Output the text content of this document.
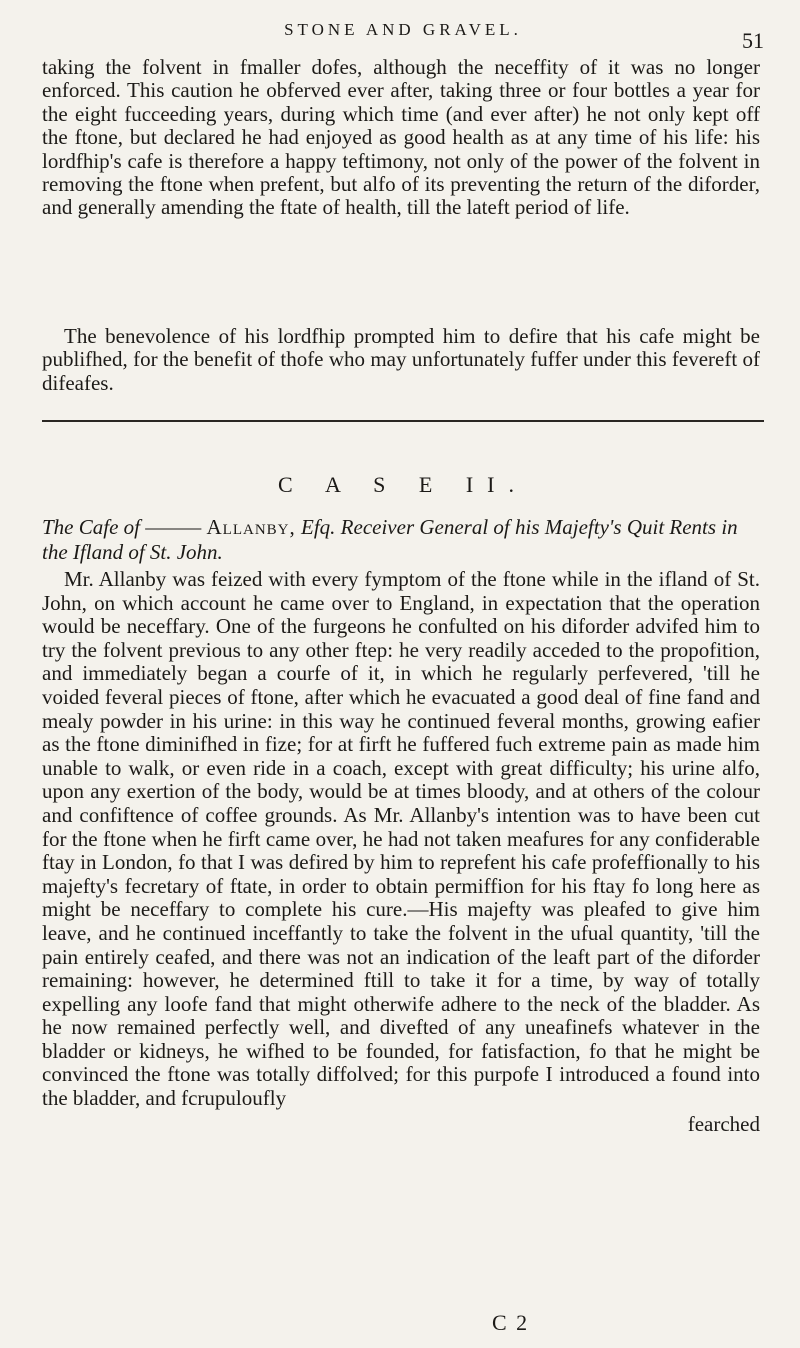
STONE AND GRAVEL.	51

taking the folvent in fmaller dofes, although the neceffity of it was no longer enforced. This caution he obferved ever after, taking three or four bottles a year for the eight fucceeding years, during which time (and ever after) he not only kept off the ftone, but declared he had enjoyed as good health as at any time of his life: his lordfhip's cafe is therefore a happy teftimony, not only of the power of the folvent in removing the ftone when prefent, but alfo of its preventing the return of the diforder, and generally amending the ftate of health, till the lateft period of life.

The benevolence of his lordfhip prompted him to defire that his cafe might be publifhed, for the benefit of thofe who may unfortunately fuffer under this fevereft of difeafes.

C A S E II.
The Cafe of ——— Allanby, Efq. Receiver General of his Majefty's Quit Rents in the Ifland of St. John.

Mr. Allanby was feized with every fymptom of the ftone while in the ifland of St. John, on which account he came over to England, in expectation that the operation would be neceffary. One of the furgeons he confulted on his diforder advifed him to try the folvent previous to any other ftep: he very readily acceded to the propofition, and immediately began a courfe of it, in which he regularly perfevered, 'till he voided feveral pieces of ftone, after which he evacuated a good deal of fine fand and mealy powder in his urine: in this way he continued feveral months, growing eafier as the ftone diminifhed in fize; for at firft he fuffered fuch extreme pain as made him unable to walk, or even ride in a coach, except with great difficulty; his urine alfo, upon any exertion of the body, would be at times bloody, and at others of the colour and confiftence of coffee grounds. As Mr. Allanby's intention was to have been cut for the ftone when he firft came over, he had not taken meafures for any confiderable ftay in London, fo that I was defired by him to reprefent his cafe profeffionally to his majefty's fecretary of ftate, in order to obtain permiffion for his ftay fo long here as might be neceffary to complete his cure.—His majefty was pleafed to give him leave, and he continued inceffantly to take the folvent in the ufual quantity, 'till the pain entirely ceafed, and there was not an indication of the leaft part of the diforder remaining: however, he determined ftill to take it for a time, by way of totally expelling any loofe fand that might otherwife adhere to the neck of the bladder. As he now remained perfectly well, and divefted of any uneafinefs whatever in the bladder or kidneys, he wifhed to be founded, for fatisfaction, fo that he might be convinced the ftone was totally diffolved; for this purpofe I introduced a found into the bladder, and fcrupuloufly
fearched

C 2
